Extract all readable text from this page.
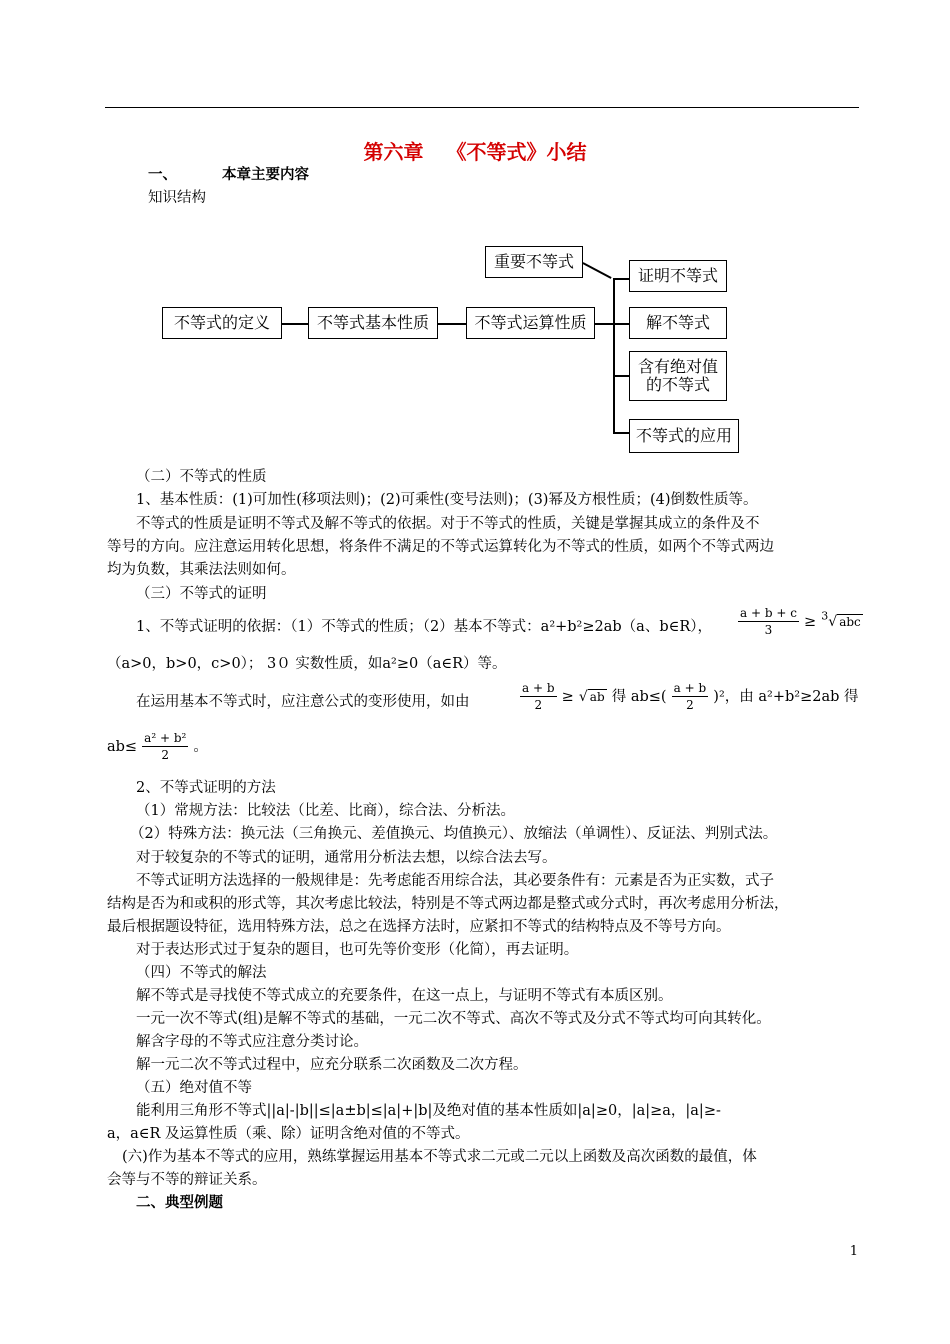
第六章 《不等式》小结
一、	本章主要内容
知识结构
不等式的定义	不等式基本性质	不等式运算性质
重要不等式
证明不等式
解不等式
含有绝对值
的不等式
不等式的应用
（二）不等式的性质
1、基本性质：(1)可加性(移项法则)；(2)可乘性(变号法则)；(3)幂及方根性质；(4)倒数性质等。
不等式的性质是证明不等式及解不等式的依据。对于不等式的性质，关键是掌握其成立的条件及不
等号的方向。应注意运用转化思想，将条件不满足的不等式运算转化为不等式的性质，如两个不等式两边
均为负数，其乘法法则如何。
（三）不等式的证明
1、不等式证明的依据：（1）不等式的性质；（2）基本不等式：a²+b²≥2ab（a、b∈R）， $\frac{a + b + c}{3} \ge ^3√$ abc
（a>0，b>0，c>0）； 3０ 实数性质，如a²≥0（a∈R）等。
在运用基本不等式时，应注意公式的变形使用，如由	$\frac{a + b}{2}$ ≥ √ ab 得 $ab\le( \frac{a + b}{2} )^2$，由 a²+b²≥2ab 得
$ab\le \frac{\text{a² + b²}}{2}$ 。
2、不等式证明的方法
（1）常规方法：比较法（比差、比商），综合法、分析法。
（2）特殊方法：换元法（三角换元、差值换元、均值换元）、放缩法（单调性）、反证法、判别式法。
对于较复杂的不等式的证明，通常用分析法去想，以综合法去写。
不等式证明方法选择的一般规律是：先考虑能否用综合法，其必要条件有：元素是否为正实数，式子
结构是否为和或积的形式等，其次考虑比较法，特别是不等式两边都是整式或分式时，再次考虑用分析法，
最后根据题设特征，选用特殊方法，总之在选择方法时，应紧扣不等式的结构特点及不等号方向。
对于表达形式过于复杂的题目，也可先等价变形（化简），再去证明。
（四）不等式的解法
解不等式是寻找使不等式成立的充要条件，在这一点上，与证明不等式有本质区别。
一元一次不等式(组)是解不等式的基础，一元二次不等式、高次不等式及分式不等式均可向其转化。
解含字母的不等式应注意分类讨论。
解一元二次不等式过程中，应充分联系二次函数及二次方程。
（五）绝对值不等
能利用三角形不等式||a|-|b||≤|a±b|≤|a|+|b|及绝对值的基本性质如|a|≥0，|a|≥a，|a|≥-
a，a∈R 及运算性质（乘、除）证明含绝对值的不等式。
(六)作为基本不等式的应用，熟练掌握运用基本不等式求二元或二元以上函数及高次函数的最值，体
会等与不等的辩证关系。
二、典型例题
1
